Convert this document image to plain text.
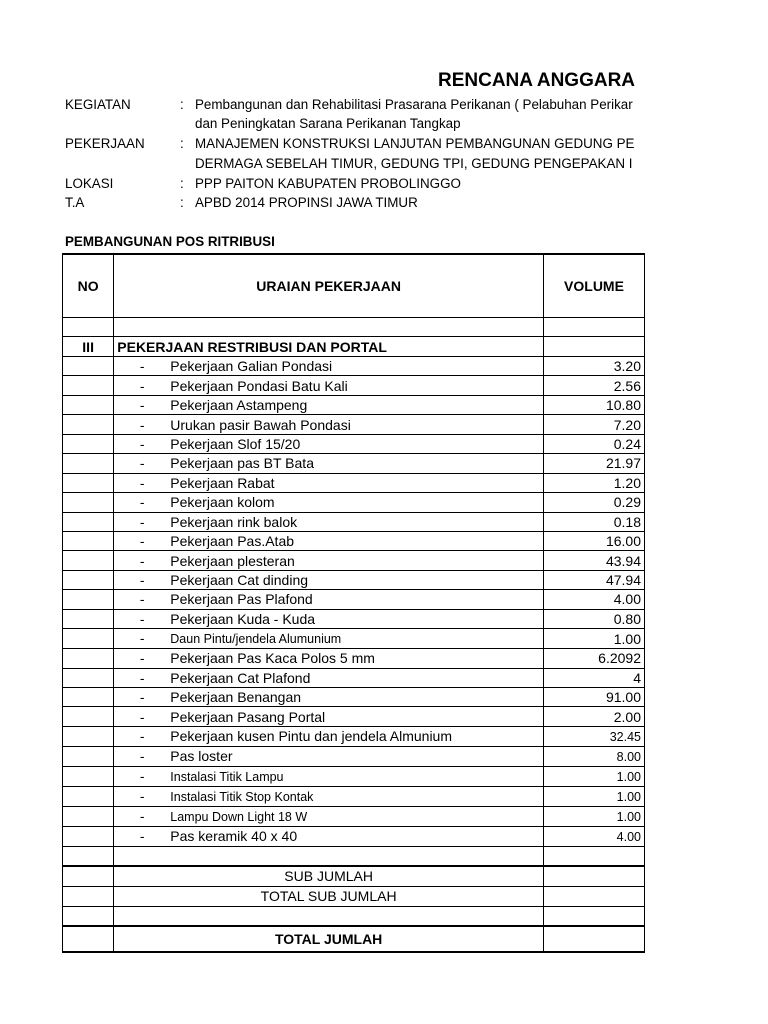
RENCANA ANGGARA
KEGIATAN	: Pembangunan dan Rehabilitasi Prasarana Perikanan ( Pelabuhan Perikar
dan Peningkatan Sarana Perikanan Tangkap
PEKERJAAN	: MANAJEMEN KONSTRUKSI LANJUTAN PEMBANGUNAN GEDUNG PE
DERMAGA SEBELAH TIMUR, GEDUNG TPI, GEDUNG PENGEPAKAN I
LOKASI	: PPP PAITON KABUPATEN PROBOLINGGO
T.A	: APBD 2014 PROPINSI JAWA TIMUR
PEMBANGUNAN POS RITRIBUSI
NO	URAIAN PEKERJAAN	VOLUME

III	PEKERJAAN RESTRIBUSI DAN PORTAL	
	- Pekerjaan Galian Pondasi	3.20
	- Pekerjaan Pondasi Batu Kali	2.56
	- Pekerjaan Astampeng	10.80
	- Urukan pasir Bawah Pondasi	7.20
	- Pekerjaan Slof 15/20	0.24
	- Pekerjaan pas BT Bata	21.97
	- Pekerjaan Rabat	1.20
	- Pekerjaan kolom	0.29
	- Pekerjaan rink balok	0.18
	- Pekerjaan Pas.Atab	16.00
	- Pekerjaan plesteran	43.94
	- Pekerjaan Cat dinding	47.94
	- Pekerjaan Pas Plafond	4.00
	- Pekerjaan Kuda - Kuda	0.80
	- Daun Pintu/jendela Alumunium	1.00
	- Pekerjaan Pas Kaca Polos 5 mm	6.2092
	- Pekerjaan Cat Plafond	4
	- Pekerjaan Benangan	91.00
	- Pekerjaan Pasang Portal	2.00
	- Pekerjaan kusen Pintu dan jendela Almunium	32.45
	- Pas loster	8.00
	- Instalasi Titik Lampu	1.00
	- Instalasi Titik Stop Kontak	1.00
	- Lampu Down Light 18 W	1.00
	- Pas keramik 40 x 40	4.00

	SUB JUMLAH	
	TOTAL SUB JUMLAH	

	TOTAL JUMLAH	
